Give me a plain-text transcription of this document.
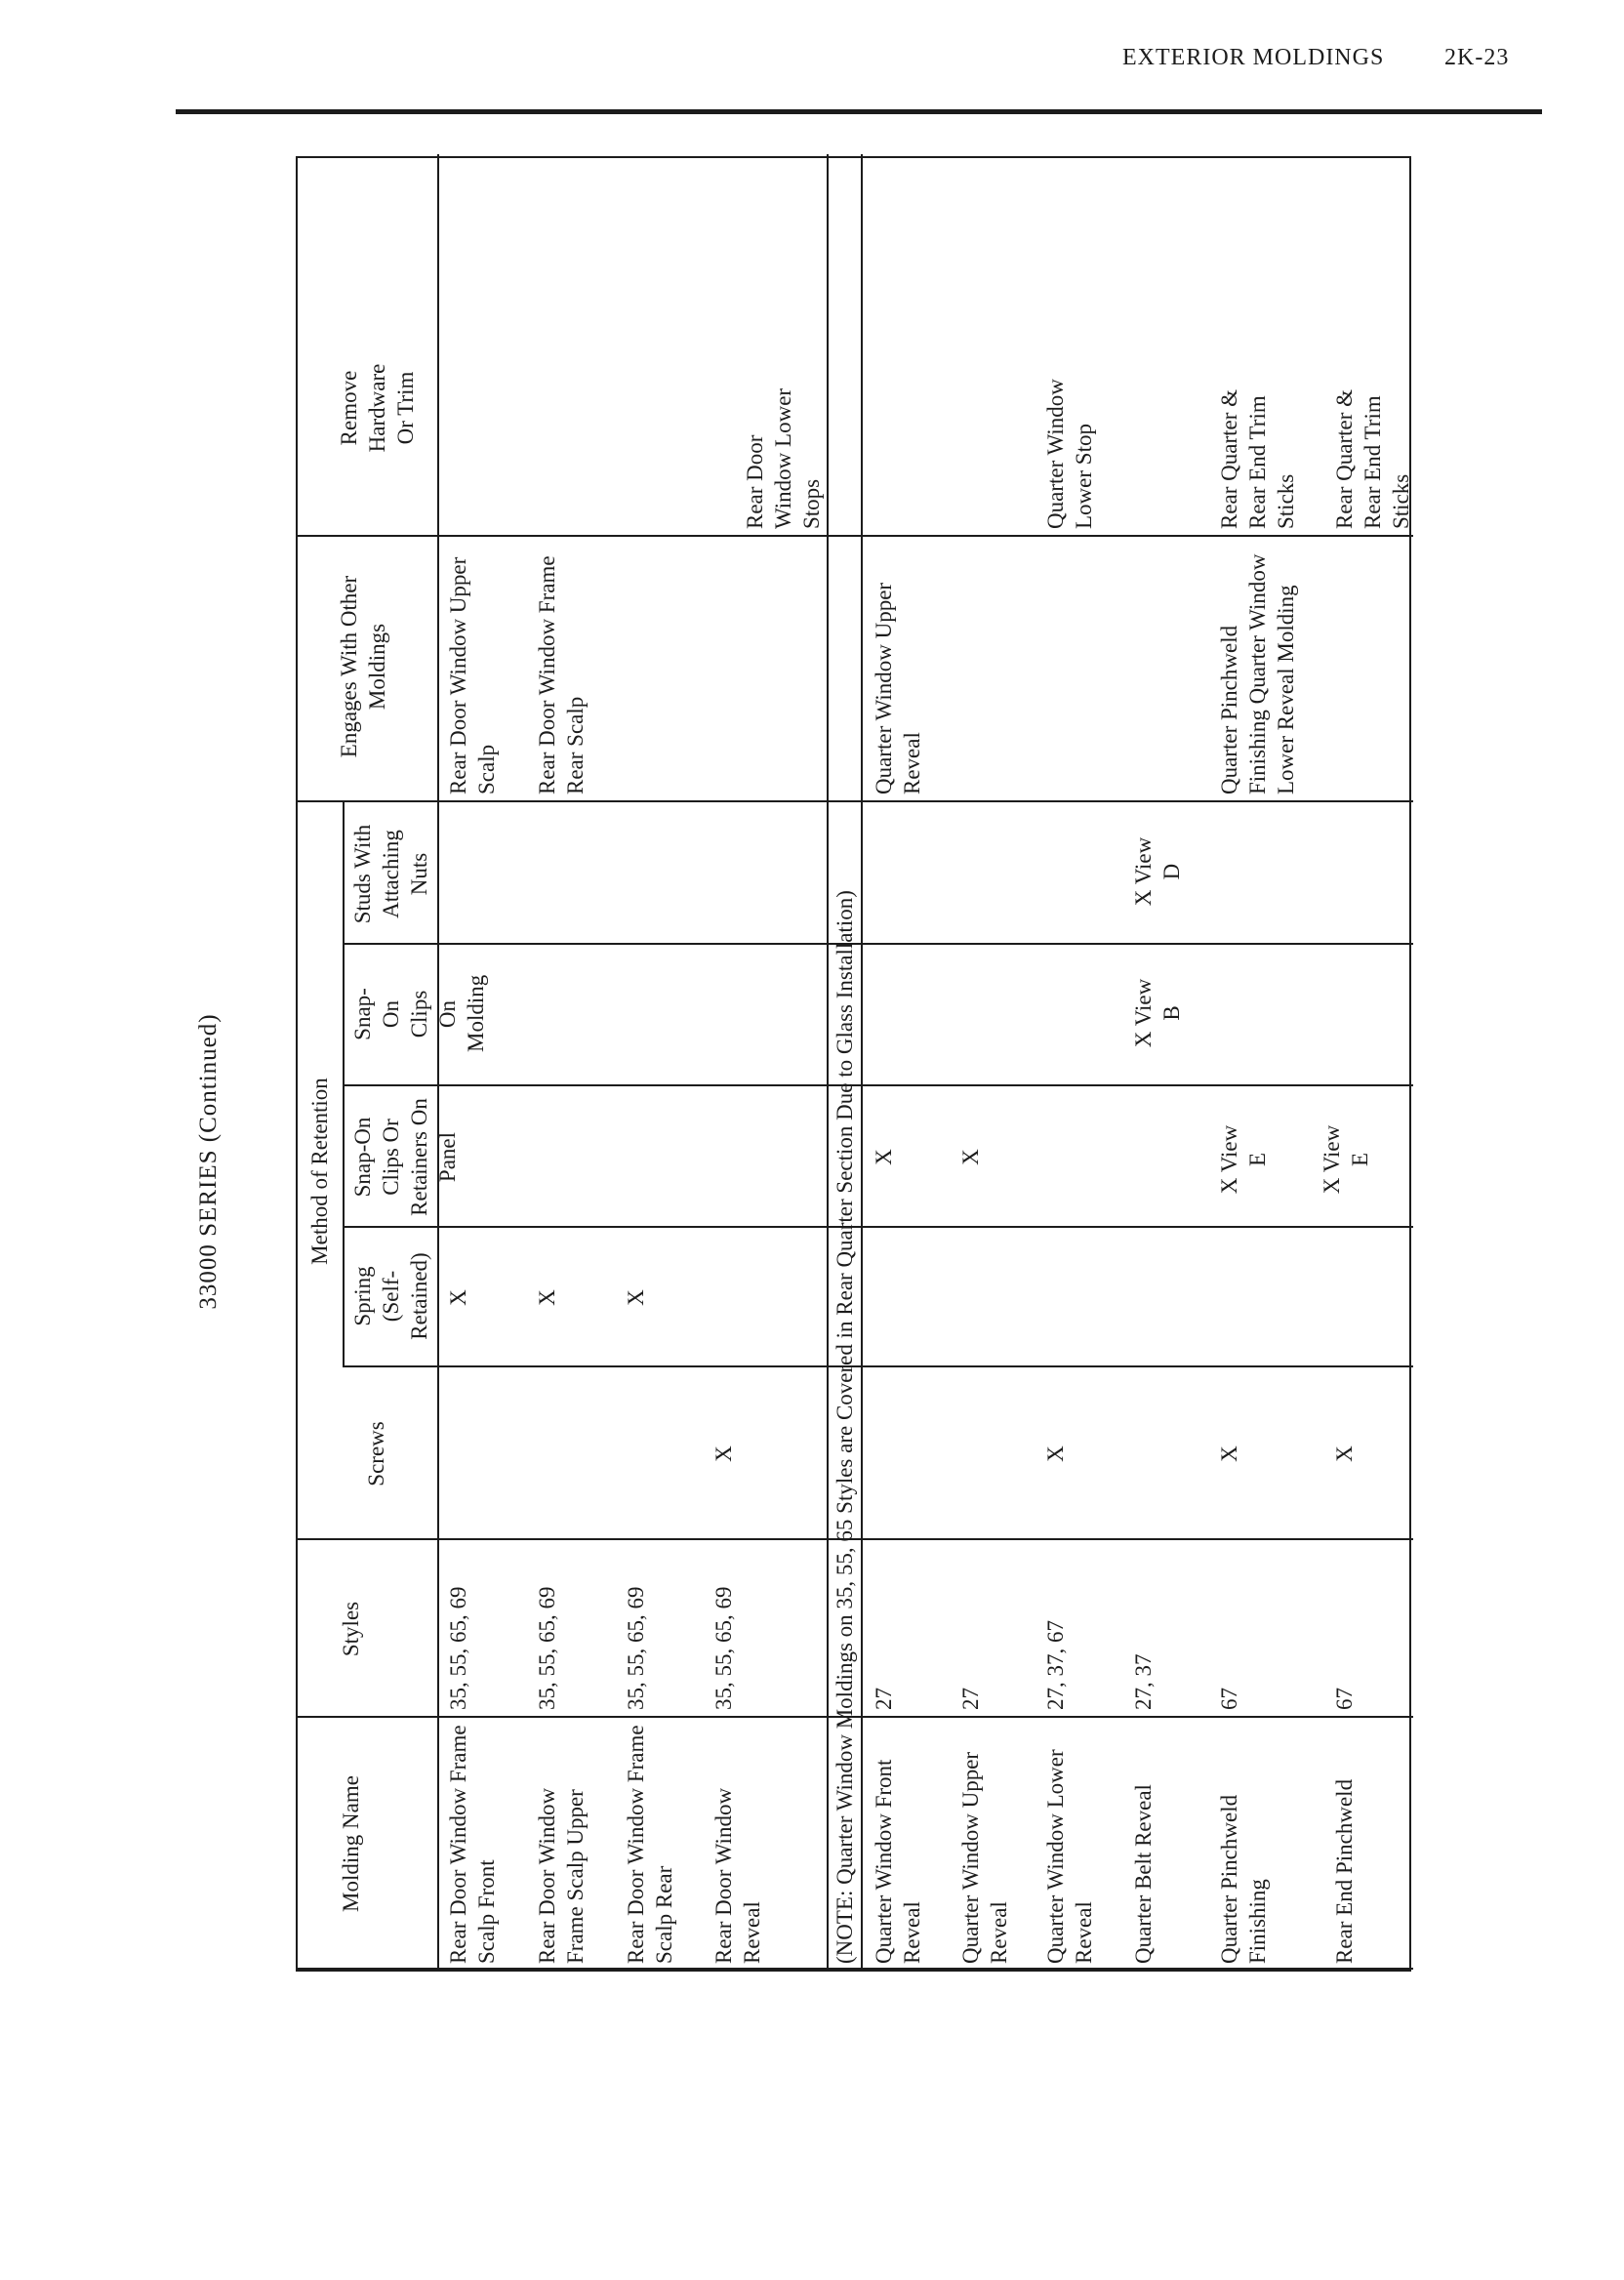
EXTERIOR MOLDINGS	2K-23
33000 SERIES (Continued)
Molding Name
Styles
Method of Retention
Screws
Spring (Self- Retained)
Snap-On Clips Or Retainers On Panel
Snap-On Clips On Molding
Studs With Attaching Nuts
Engages With Other Moldings
Remove Hardware Or Trim
Rear Door Window Frame Scalp Front
35, 55, 65, 69
X
Rear Door Window Upper Scalp
Rear Door Window Frame Scalp Upper
35, 55, 65, 69
X
Rear Door Window Frame Rear Scalp
Rear Door Window Frame Scalp Rear
35, 55, 65, 69
X
Rear Door Window Reveal
35, 55, 65, 69
X
Rear Door Window Lower Stops
(NOTE: Quarter Window Moldings on 35, 55, 65 Styles are Covered in Rear Quarter Section Due to Glass Installation) Quarter Window Front Reveal
27
X
Quarter Window Upper Reveal
Quarter Window Upper Reveal
27
X
Quarter Window Lower Reveal
27, 37, 67
X
Quarter Window Lower Stop
Quarter Belt Reveal
27, 37
X View B
X View D
Quarter Pinchweld Finishing
67
X
X View E
Quarter Pinchweld Finishing Quarter Window Lower Reveal Molding
Rear Quarter & Rear End Trim Sticks
Rear End Pinchweld
67
X
X View E
Rear Quarter & Rear End Trim Sticks
